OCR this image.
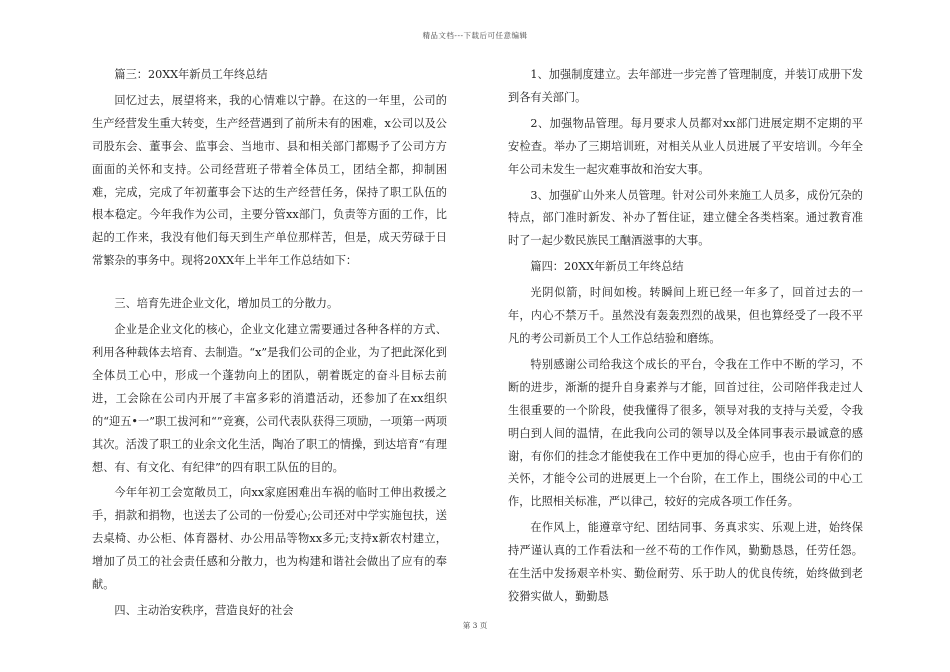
精品文档---下载后可任意编辑

篇三：20XX年新员工年终总结

回忆过去，展望将来，我的心情难以宁静。在这的一年里，公司的生产经营发生重大转变，生产经营遇到了前所未有的困难，x公司以及公司股东会、董事会、监事会、当地市、县和相关部门都赐予了公司方方面面的关怀和支持。公司经营班子带着全体员工，团结全都，抑制困难，完成，完成了年初董事会下达的生产经营任务，保持了职工队伍的根本稳定。今年我作为公司，主要分管xx部门，负责等方面的工作，比起的工作来，我没有他们每天到生产单位那样苦，但是，成天劳碌于日常繁杂的事务中。现将20XX年上半年工作总结如下：

三、培育先进企业文化，增加员工的分散力。

企业是企业文化的核心，企业文化建立需要通过各种各样的方式、利用各种载体去培育、去制造。“x”是我们公司的企业，为了把此深化到全体员工心中，形成一个蓬勃向上的团队，朝着既定的奋斗目标去前进，工会除在公司内开展了丰富多彩的消遣活动，还参加了在xx组织的“迎五•一”职工拔河和“”竞赛，公司代表队获得三项励，一项第一两项其次。活泼了职工的业余文化生活，陶冶了职工的情操，到达培育“有理想、有、有文化、有纪律”的四有职工队伍的目的。

今年年初工会宽敞员工，向xx家庭困难出车祸的临时工伸出救援之手，捐款和捐物，也送去了公司的一份爱心;公司还对中学实施包扶，送去桌椅、办公柜、体育器材、办公用品等物xx多元;支持x新农村建立，增加了员工的社会责任感和分散力，也为构建和谐社会做出了应有的奉献。

四、主动治安秩序，营造良好的社会

1、加强制度建立。去年部进一步完善了管理制度，并装订成册下发到各有关部门。

2、加强物品管理。每月要求人员都对xx部门进展定期不定期的平安检查。举办了三期培训班，对相关从业人员进展了平安培训。今年全年公司未发生一起灾难事故和治安大事。

3、加强矿山外来人员管理。针对公司外来施工人员多，成份冗杂的特点，部门准时新发、补办了暂住证，建立健全各类档案。通过教育准时了一起少数民族民工酗酒滋事的大事。

篇四：20XX年新员工年终总结

光阴似箭，时间如梭。转瞬间上班已经一年多了，回首过去的一年，内心不禁万千。虽然没有轰轰烈烈的战果，但也算经受了一段不平凡的考公司新员工个人工作总结验和磨练。

特别感谢公司给我这个成长的平台，令我在工作中不断的学习，不断的进步，渐渐的提升自身素养与才能，回首过往，公司陪伴我走过人生很重要的一个阶段，使我懂得了很多，领导对我的支持与关爱，令我明白到人间的温情，在此我向公司的领导以及全体同事表示最诚意的感谢，有你们的挂念才能使我在工作中更加的得心应手，也由于有你们的关怀，才能令公司的进展更上一个台阶，在工作上，围绕公司的中心工作，比照相关标准，严以律己，较好的完成各项工作任务。

在作风上，能遵章守纪、团结同事、务真求实、乐观上进，始终保持严谨认真的工作看法和一丝不苟的工作作风，勤勤恳恳，任劳任怨。在生活中发扬艰辛朴实、勤俭耐劳、乐于助人的优良传统，始终做到老狡猾实做人，勤勤恳

第 3 页
